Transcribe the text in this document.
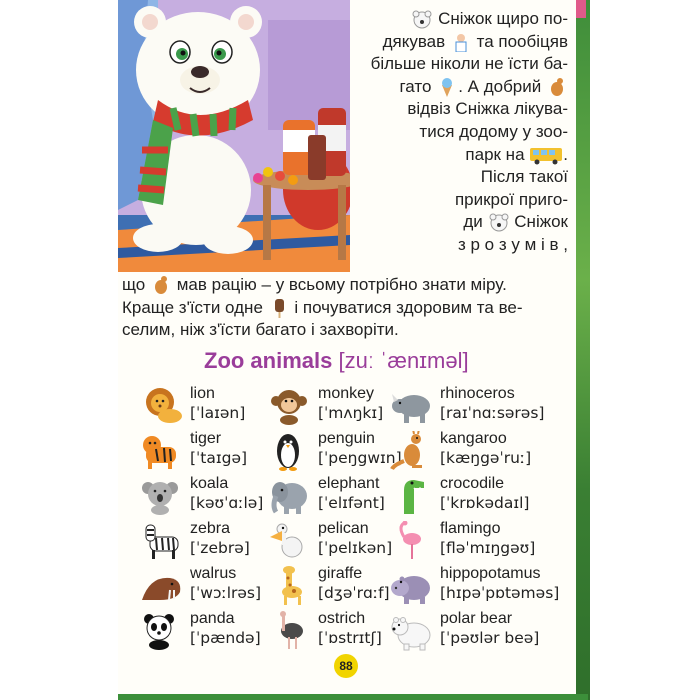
Сніжок щиро по-

дякував та пообіцяв

більше ніколи не їсти ба-

гато . А добрий

відвіз Сніжка лікува-

тися додому у зоо-

парк на .

Після такої

прикрої приго-

ди Сніжок

з р о з у м і в ,

що мав рацію – у всьому потрібно знати міру.

Краще з'їсти одне і почуватися здоровим та ве-

селим, ніж з'їсти багато і захворіти.

Zoo animals [zuː ˈænɪməl]
lion
[ˈlaɪən]
tiger
[ˈtaɪgə]
koala
[kəʊˈɑːlə]
zebra
[ˈzebrə]
walrus
[ˈwɔːlrəs]
panda
[ˈpændə]
monkey
[ˈmʌŋkɪ]
penguin
[ˈpeŋgwɪn]
elephant
[ˈelɪfənt]
pelican
[ˈpelɪkən]
giraffe
[dʒəˈrɑːf]
ostrich
[ˈɒstrɪtʃ]
rhinoceros
[raɪˈnɑːsərəs]
kangaroo
[kæŋgəˈruː]
crocodile
[ˈkrɒkədaɪl]
flamingo
[fləˈmɪŋgəʊ]
hippopotamus
[hɪpəˈpɒtəməs]
polar bear
[ˈpəʊlər beə]
88
